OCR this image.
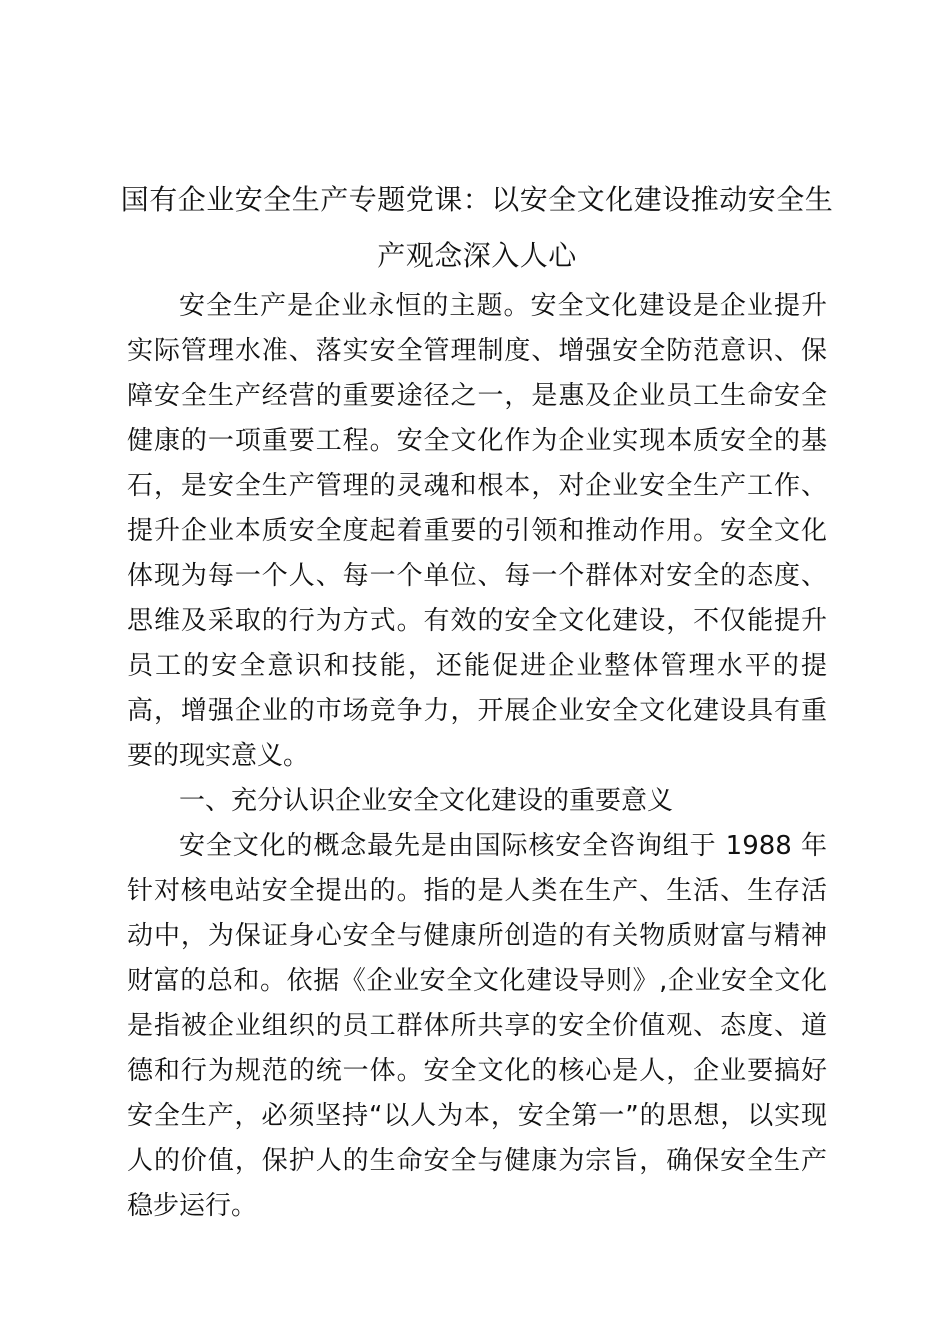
国有企业安全生产专题党课：以安全文化建设推动安全生产观念深入人心

安全生产是企业永恒的主题。安全文化建设是企业提升实际管理水准、落实安全管理制度、增强安全防范意识、保障安全生产经营的重要途径之一，是惠及企业员工生命安全健康的一项重要工程。安全文化作为企业实现本质安全的基石，是安全生产管理的灵魂和根本，对企业安全生产工作、提升企业本质安全度起着重要的引领和推动作用。安全文化体现为每一个人、每一个单位、每一个群体对安全的态度、思维及采取的行为方式。有效的安全文化建设，不仅能提升员工的安全意识和技能，还能促进企业整体管理水平的提高，增强企业的市场竞争力，开展企业安全文化建设具有重要的现实意义。

一、充分认识企业安全文化建设的重要意义

安全文化的概念最先是由国际核安全咨询组于 1988 年针对核电站安全提出的。指的是人类在生产、生活、生存活动中，为保证身心安全与健康所创造的有关物质财富与精神财富的总和。依据《企业安全文化建设导则》,企业安全文化是指被企业组织的员工群体所共享的安全价值观、态度、道德和行为规范的统一体。安全文化的核心是人，企业要搞好安全生产，必须坚持“以人为本，安全第一”的思想，以实现人的价值，保护人的生命安全与健康为宗旨，确保安全生产稳步运行。
